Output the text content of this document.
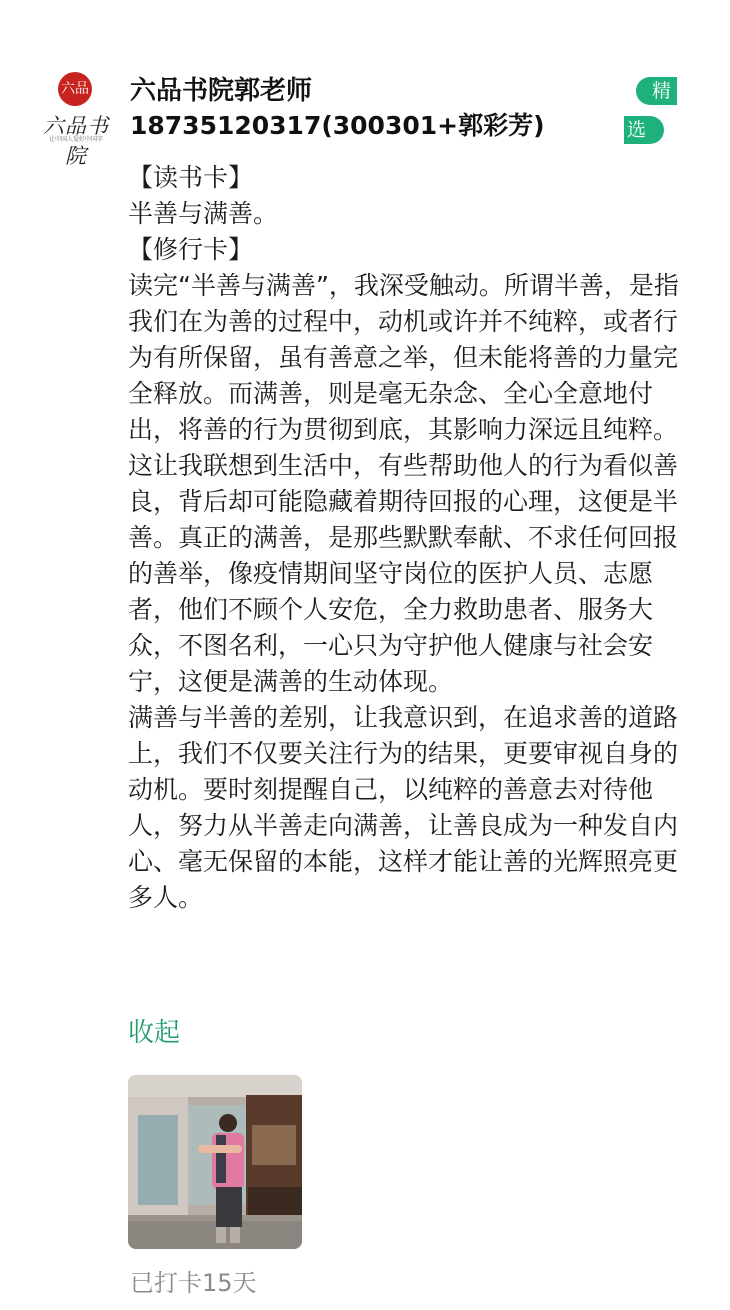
六品
六品书院
让中国人爱好中国字
六品书院郭老师
18735120317(300301+郭彩芳)
精
选

【读书卡】

半善与满善。

【修行卡】

读完“半善与满善”，我深受触动。所谓半善，是指我们在为善的过程中，动机或许并不纯粹，或者行为有所保留，虽有善意之举，但未能将善的力量完全释放。而满善，则是毫无杂念、全心全意地付出，将善的行为贯彻到底，其影响力深远且纯粹。

这让我联想到生活中，有些帮助他人的行为看似善良，背后却可能隐藏着期待回报的心理，这便是半善。真正的满善，是那些默默奉献、不求任何回报的善举，像疫情期间坚守岗位的医护人员、志愿者，他们不顾个人安危，全力救助患者、服务大众，不图名利，一心只为守护他人健康与社会安宁，这便是满善的生动体现。

满善与半善的差别，让我意识到，在追求善的道路上，我们不仅要关注行为的结果，更要审视自身的动机。要时刻提醒自己，以纯粹的善意去对待他人，努力从半善走向满善，让善良成为一种发自内心、毫无保留的本能，这样才能让善的光辉照亮更多人。

收起
已打卡15天
